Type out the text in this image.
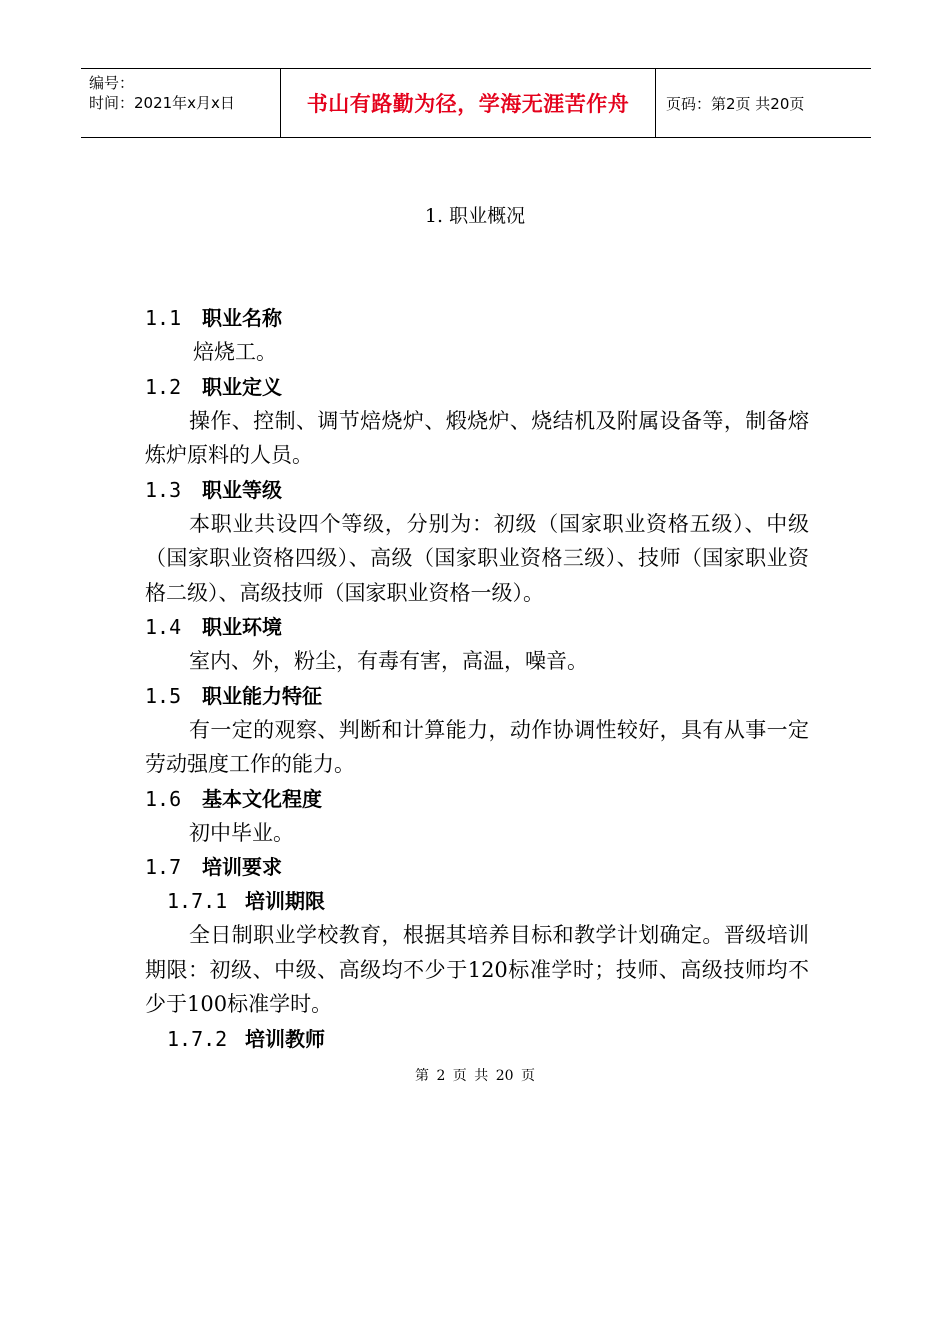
编号：
时间：2021年x月x日	书山有路勤为径，学海无涯苦作舟	页码：第2页 共20页
1. 职业概况
1.1 职业名称

焙烧工。

1.2 职业定义

操作、控制、调节焙烧炉、煅烧炉、烧结机及附属设备等，制备熔炼炉原料的人员。

1.3 职业等级

本职业共设四个等级，分别为：初级（国家职业资格五级）、中级（国家职业资格四级）、高级（国家职业资格三级）、技师（国家职业资格二级）、高级技师（国家职业资格一级）。

1.4 职业环境

室内、外，粉尘，有毒有害，高温，噪音。

1.5 职业能力特征

有一定的观察、判断和计算能力，动作协调性较好，具有从事一定劳动强度工作的能力。

1.6 基本文化程度

初中毕业。

1.7 培训要求
1.7.1 培训期限

全日制职业学校教育，根据其培养目标和教学计划确定。晋级培训期限：初级、中级、高级均不少于120标准学时；技师、高级技师均不少于100标准学时。

1.7.2 培训教师
第 2 页 共 20 页
